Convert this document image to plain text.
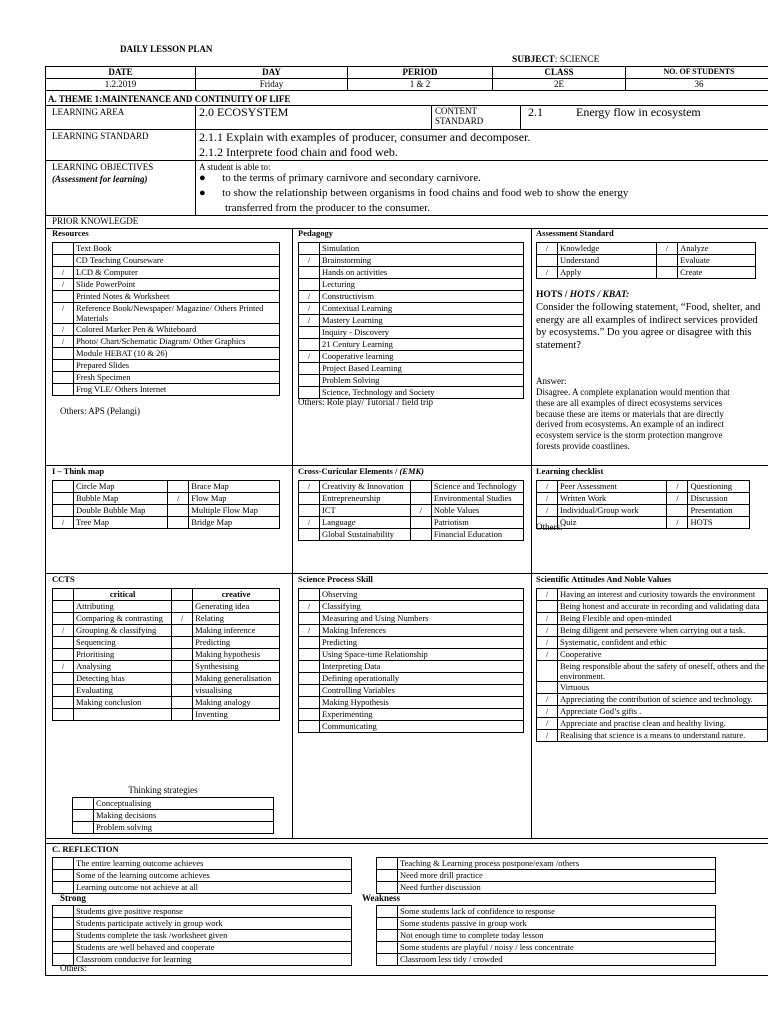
DAILY LESSON PLAN
SUBJECT: SCIENCE
DATE	DAY	PERIOD	CLASS	NO. OF STUDENTS
1.2.2019	Friday	1 & 2	2E	36
A. THEME 1:MAINTENANCE AND CONTINUITY OF LIFE
LEARNING AREA	2.0 ECOSYSTEM	CONTENT STANDARD
2.1	Energy flow in ecosystem
LEARNING STANDARD	2.1.1 Explain with examples of producer, consumer and decomposer.
2.1.2 Interprete food chain and food web.
LEARNING OBJECTIVES
(Assessment for learning)
A student is able to:
●      to the terms of primary carnivore and secondary carnivore.
●      to show the relationship between organisms in food chains and food web to show the energy
transferred from the producer to the consumer.
PRIOR KNOWLEGDE
Resources
	Text Book
	CD Teaching Courseware
/	LCD & Computer
/	Slide PowerPoint
	Printed Notes & Worksheet
/	Reference Book/Newspaper/ Magazine/ Others Printed Materials
/	Colored Marker Pen & Whiteboard
/	Photo/ Chart/Schematic Diagram/ Other Graphics
	Module HEBAT (10 & 26)
	Prepared Slides
	Fresh Specimen
	Frog VLE/ Others Internet
Others: APS (Pelangi)
Pedagogy
	Simulation
/	Brainstorming
	Hands on activities
	Lecturing
/	Constructivism
/	Contextual Learning
/	Mastery Learning
	Inquiry - Discovery
	21 Century Learning
/	Cooperative learning
	Project Based Learning
	Problem Solving
	Science, Technology and Society
Others: Role play/ Tutorial / field trip
Assessment Standard
/	Knowledge	/	Analyze
	Understand		Evaluate
/	Apply		Create
HOTS / HOTS / KBAT:
Consider the following statement, “Food, shelter, and energy are all examples of indirect services provided by ecosystems.” Do you agree or disagree with this statement?
Answer:
Disagree. A complete explanation would mention that these are all examples of direct ecosystems services because these are items or materials that are directly derived from ecosystems. An example of an indirect ecosystem service is the storm protection mangrove forests provide coastlines.
I – Think map
	Circle Map		Brace Map
	Bubble Map	/	Flow Map
	Double Bubble Map		Multiple Flow Map
/	Tree Map		Bridge Map
Cross-Curicular Elements / (EMK)
/	Creativity & Innovation		Science and Technology
	Entrepreneurship		Environmental Studies
	ICT	/	Noble Values
/	Language		Patriotism
	Global Sustainability		Financial Education
Learning checklist
/	Peer Assessment	/	Questioning
/	Written Work	/	Discussion
/	Individual/Group work		Presentation
	Quiz	/	HOTS
Others:
CCTS
	critical		creative
	Attributing		Generating idea
	Comparing & contrasting	/	Relating
/	Grouping & classifying		Making inference
	Sequencing		Predicting
	Prioritising		Making hypothesis
/	Analysing		Synthesising
	Detecting bias		Making generalisation
	Evaluating		visualising
	Making conclusion		Making analogy
			Inventing
Thinking strategies
	Conceptualising
	Making decisions
	Problem solving
Science Process Skill
	Observing
/	Classifying
	Measuring and Using Numbers
/	Making Inferences
	Predicting
	Using Space-time Relationship
	Interpreting Data
	Defining operationally
	Controlling Variables
	Making Hypothesis
	Experimenting
	Communicating
Scientific Attitudes And Noble Values
/	Having an interest and curiosity towards the environment
	Being honest and accurate in recording and validating data
/	Being Flexible and open-minded
/	Being diligent and persevere when carrying out a task.
/	Systematic, confident and ethic
/	Cooperative
	Being responsible about the safety of oneself, others and the environment.
	Virtuous
/	Appreciating the contribution of science and technology.
/	Appreciate God’s gifts .
/	Appreciate and practise clean and healthy living.
/	Realising that science is a means to understand nature.
C. REFLECTION
	The entire learning outcome achieves
	Some of the learning outcome achieves
	Learning outcome not achieve at all
	Teaching & Learning process postpone/exam /others
	Need more drill practice
	Need further discussion
Strong	Weakness
	Students give positive response
	Students participate actively in group work
	Students complete the task /worksheet given
	Students are well behaved and cooperate
	Classroom conducive for learning
	Some students lack of confidence to response
	Some students passive in group work
	Not enough time to complete today lesson
	Some students are playful / noisy / less concentrate
	Classroom less tidy / crowded
Others:
